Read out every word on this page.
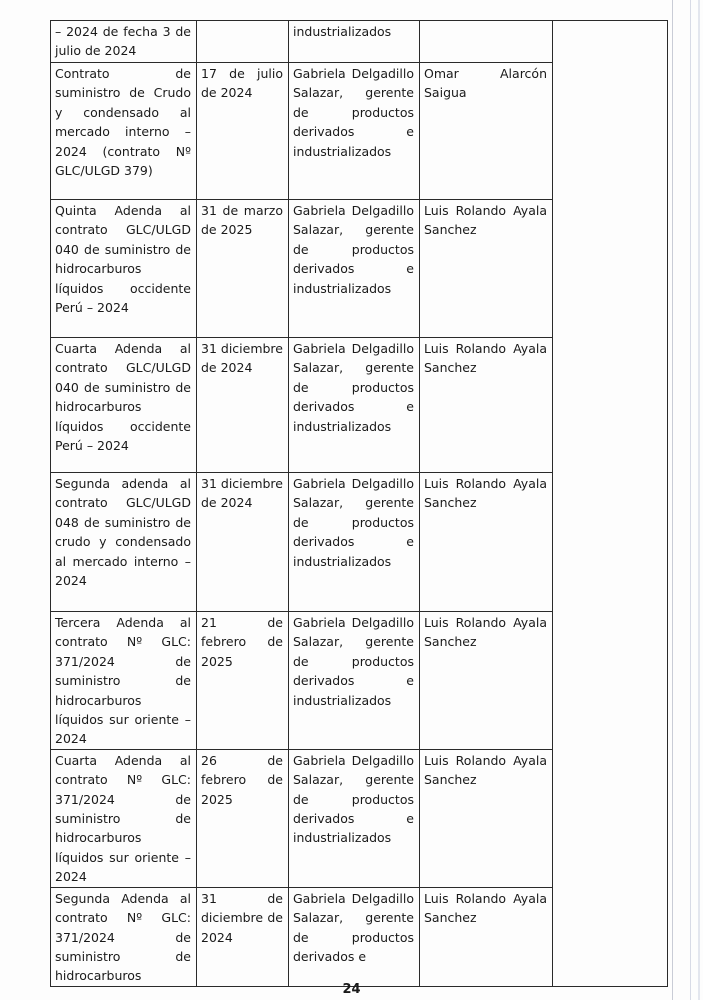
– 2024 de fecha 3 de julio de 2024		industrializados		

Contrato de suministro de Crudo y condensado al mercado interno – 2024 (contrato Nº GLC/ULGD 379)	17 de julio de 2024	Gabriela Delgadillo Salazar, gerente de productos derivados e industrializados	Omar Alarcón Saigua	

Quinta Adenda al contrato GLC/ULGD 040 de suministro de hidrocarburos líquidos occidente Perú – 2024	31 de marzo de 2025	Gabriela Delgadillo Salazar, gerente de productos derivados e industrializados	Luis Rolando Ayala Sanchez	

Cuarta Adenda al contrato GLC/ULGD 040 de suministro de hidrocarburos líquidos occidente Perú – 2024	31 diciembre de 2024	Gabriela Delgadillo Salazar, gerente de productos derivados e industrializados	Luis Rolando Ayala Sanchez	

Segunda adenda al contrato GLC/ULGD 048 de suministro de crudo y condensado al mercado interno – 2024	31 diciembre de 2024	Gabriela Delgadillo Salazar, gerente de productos derivados e industrializados	Luis Rolando Ayala Sanchez	

Tercera Adenda al contrato Nº GLC: 371/2024 de suministro de hidrocarburos líquidos sur oriente – 2024	21 de febrero de 2025	Gabriela Delgadillo Salazar, gerente de productos derivados e industrializados	Luis Rolando Ayala Sanchez	

Cuarta Adenda al contrato Nº GLC: 371/2024 de suministro de hidrocarburos líquidos sur oriente – 2024	26 de febrero de 2025	Gabriela Delgadillo Salazar, gerente de productos derivados e industrializados	Luis Rolando Ayala Sanchez	

Segunda Adenda al contrato Nº GLC: 371/2024 de suministro de hidrocarburos	31 de diciembre de 2024	Gabriela Delgadillo Salazar, gerente de productos derivados e	Luis Rolando Ayala Sanchez	
24
